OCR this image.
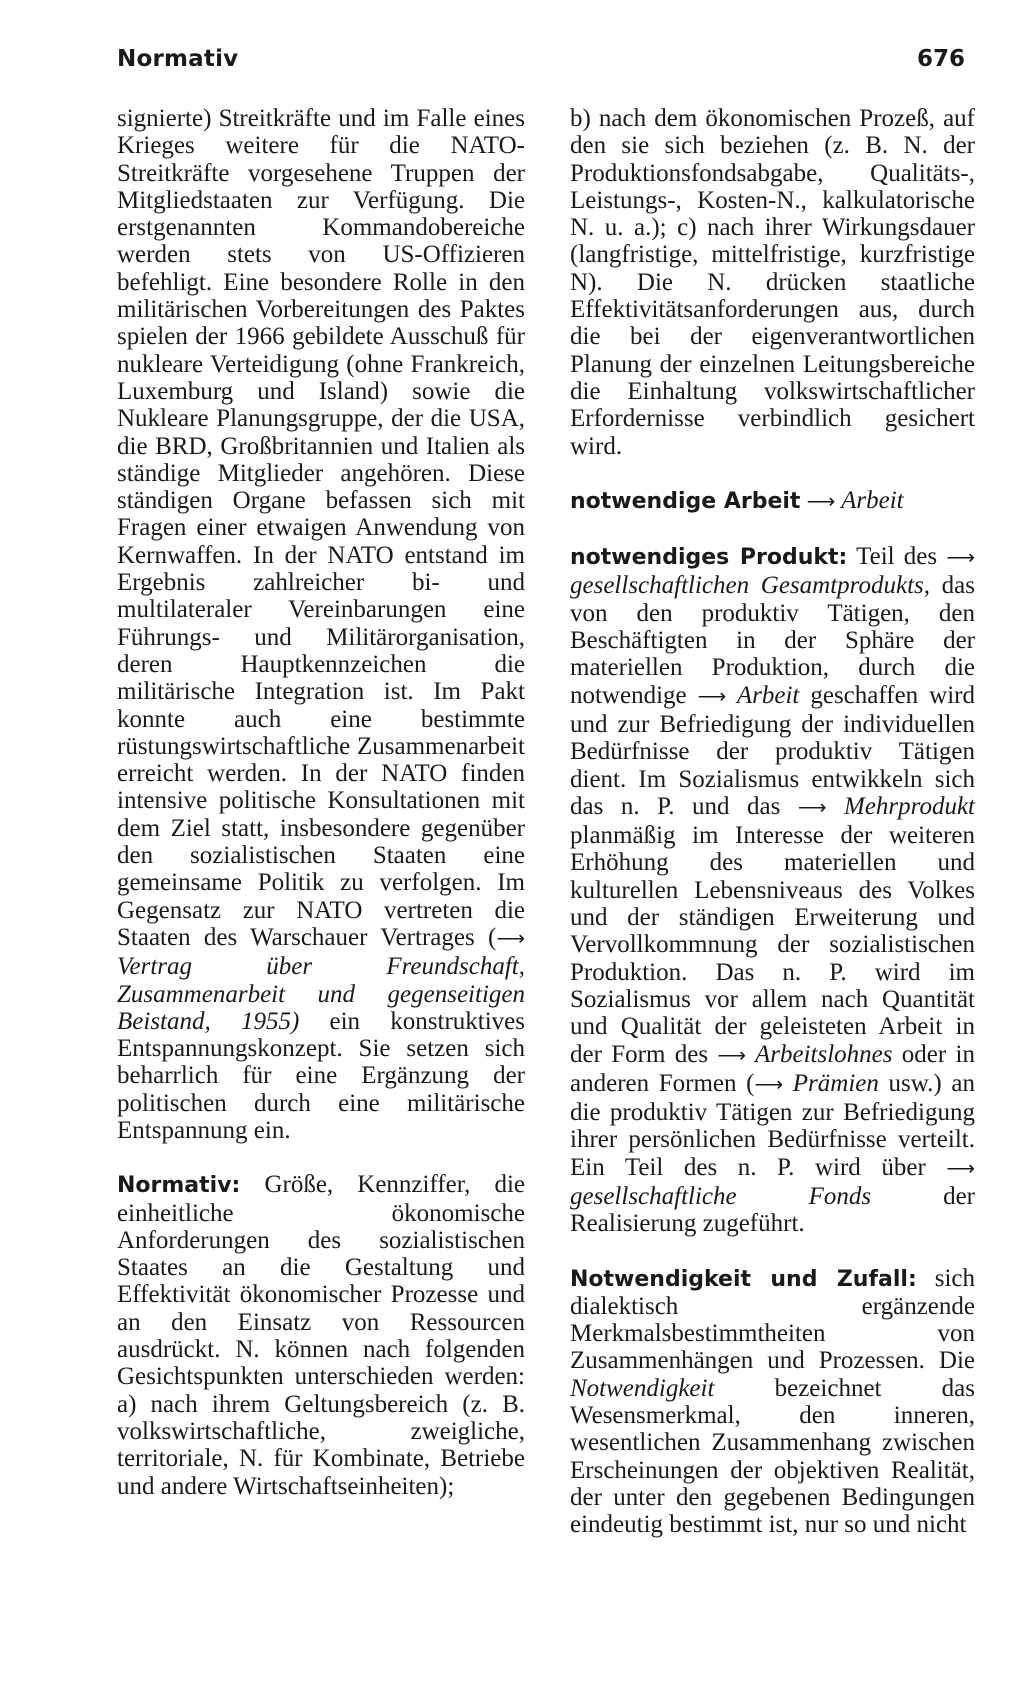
Normativ	676

signierte) Streitkräfte und im Falle eines Krieges weitere für die NATO-Streitkräfte vorgesehene Truppen der Mitgliedstaaten zur Verfügung. Die erstgenannten Kommandobereiche werden stets von US-Offizieren befehligt. Eine besondere Rolle in den militärischen Vorbereitungen des Paktes spielen der 1966 gebildete Ausschuß für nukleare Verteidigung (ohne Frankreich, Luxemburg und Island) sowie die Nukleare Planungsgruppe, der die USA, die BRD, Großbritannien und Italien als ständige Mitglieder angehören. Diese ständigen Organe befassen sich mit Fragen einer etwaigen Anwendung von Kernwaffen. In der NATO entstand im Ergebnis zahlreicher bi- und multilateraler Vereinbarungen eine Führungs- und Militärorganisation, deren Hauptkennzeichen die militärische Integration ist. Im Pakt konnte auch eine bestimmte rüstungswirtschaftliche Zusammenarbeit erreicht werden. In der NATO finden intensive politische Konsultationen mit dem Ziel statt, insbesondere gegenüber den sozialistischen Staaten eine gemeinsame Politik zu verfolgen. Im Gegensatz zur NATO vertreten die Staaten des Warschauer Vertrages (⟶ Vertrag über Freundschaft, Zusammenarbeit und gegenseitigen Beistand, 1955) ein konstruktives Entspannungskonzept. Sie setzen sich beharrlich für eine Ergänzung der politischen durch eine militärische Entspannung ein.

Normativ: Größe, Kennziffer, die einheitliche ökonomische Anforderungen des sozialistischen Staates an die Gestaltung und Effektivität ökonomischer Prozesse und an den Einsatz von Ressourcen ausdrückt. N. können nach folgenden Gesichtspunkten unterschieden werden: a) nach ihrem Geltungsbereich (z. B. volkswirtschaftliche, zweigliche, territoriale, N. für Kombinate, Betriebe und andere Wirtschaftseinheiten);

b) nach dem ökonomischen Prozeß, auf den sie sich beziehen (z. B. N. der Produktionsfondsabgabe, Qualitäts-, Leistungs-, Kosten-N., kalkulatorische N. u. a.); c) nach ihrer Wirkungsdauer (langfristige, mittelfristige, kurzfristige N). Die N. drücken staatliche Effektivitätsanforderungen aus, durch die bei der eigenverantwortlichen Planung der einzelnen Leitungsbereiche die Einhaltung volkswirtschaftlicher Erfordernisse verbindlich gesichert wird.

notwendige Arbeit ⟶ Arbeit

notwendiges Produkt: Teil des ⟶ gesellschaftlichen Gesamtprodukts, das von den produktiv Tätigen, den Beschäftigten in der Sphäre der materiellen Produktion, durch die notwendige ⟶ Arbeit geschaffen wird und zur Befriedigung der individuellen Bedürfnisse der produktiv Tätigen dient. Im Sozialismus entwikkeln sich das n. P. und das ⟶ Mehrprodukt planmäßig im Interesse der weiteren Erhöhung des materiellen und kulturellen Lebensniveaus des Volkes und der ständigen Erweiterung und Vervollkommnung der sozialistischen Produktion. Das n. P. wird im Sozialismus vor allem nach Quantität und Qualität der geleisteten Arbeit in der Form des ⟶ Arbeitslohnes oder in anderen Formen (⟶ Prämien usw.) an die produktiv Tätigen zur Befriedigung ihrer persönlichen Bedürfnisse verteilt. Ein Teil des n. P. wird über ⟶ gesellschaftliche Fonds der Realisierung zugeführt.

Notwendigkeit und Zufall: sich dialektisch ergänzende Merkmalsbestimmtheiten von Zusammenhängen und Prozessen. Die Notwendigkeit bezeichnet das Wesensmerkmal, den inneren, wesentlichen Zusammenhang zwischen Erscheinungen der objektiven Realität, der unter den gegebenen Bedingungen eindeutig bestimmt ist, nur so und nicht
